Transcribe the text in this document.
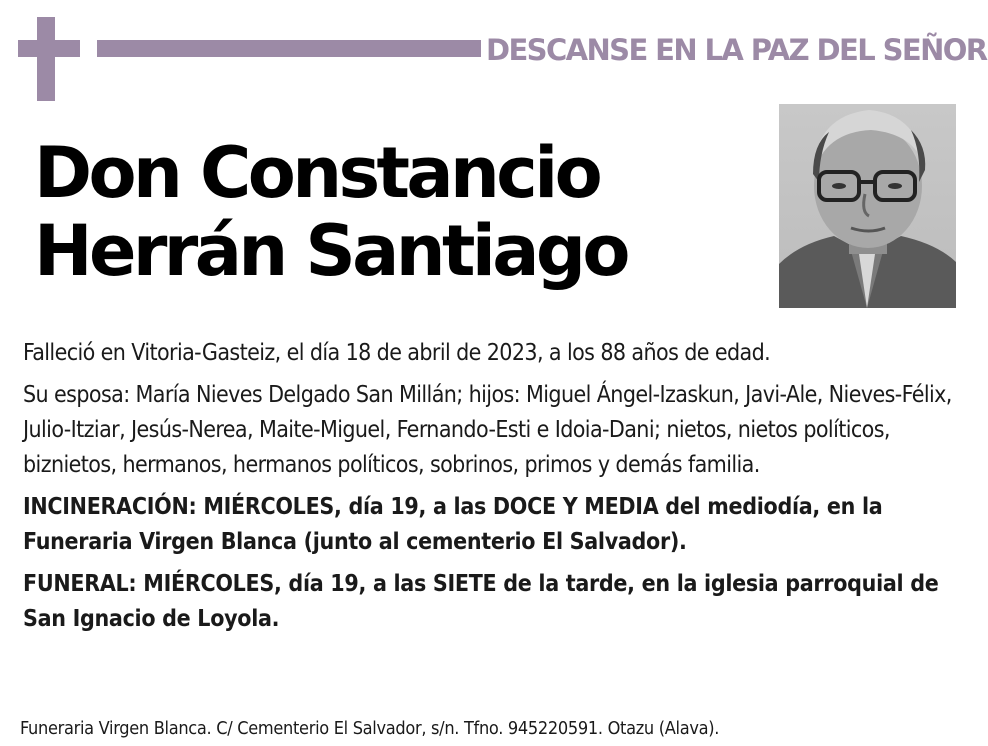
DESCANSE EN LA PAZ DEL SEÑOR
Don Constancio
Herrán Santiago

Falleció en Vitoria-Gasteiz, el día 18 de abril de 2023, a los 88 años de edad.

Su esposa: María Nieves Delgado San Millán; hijos: Miguel Ángel-Izaskun, Javi-Ale, Nieves-Félix, Julio-Itziar, Jesús-Nerea, Maite-Miguel, Fernando-Esti e Idoia-Dani; nietos, nietos políticos, biznietos, hermanos, hermanos políticos, sobrinos, primos y demás familia.

INCINERACIÓN: MIÉRCOLES, día 19, a las DOCE Y MEDIA del mediodía, en la Funeraria Virgen Blanca (junto al cementerio El Salvador).

FUNERAL: MIÉRCOLES, día 19, a las SIETE de la tarde, en la iglesia parroquial de San Ignacio de Loyola.

Funeraria Virgen Blanca. C/ Cementerio El Salvador, s/n. Tfno. 945220591. Otazu (Alava).
